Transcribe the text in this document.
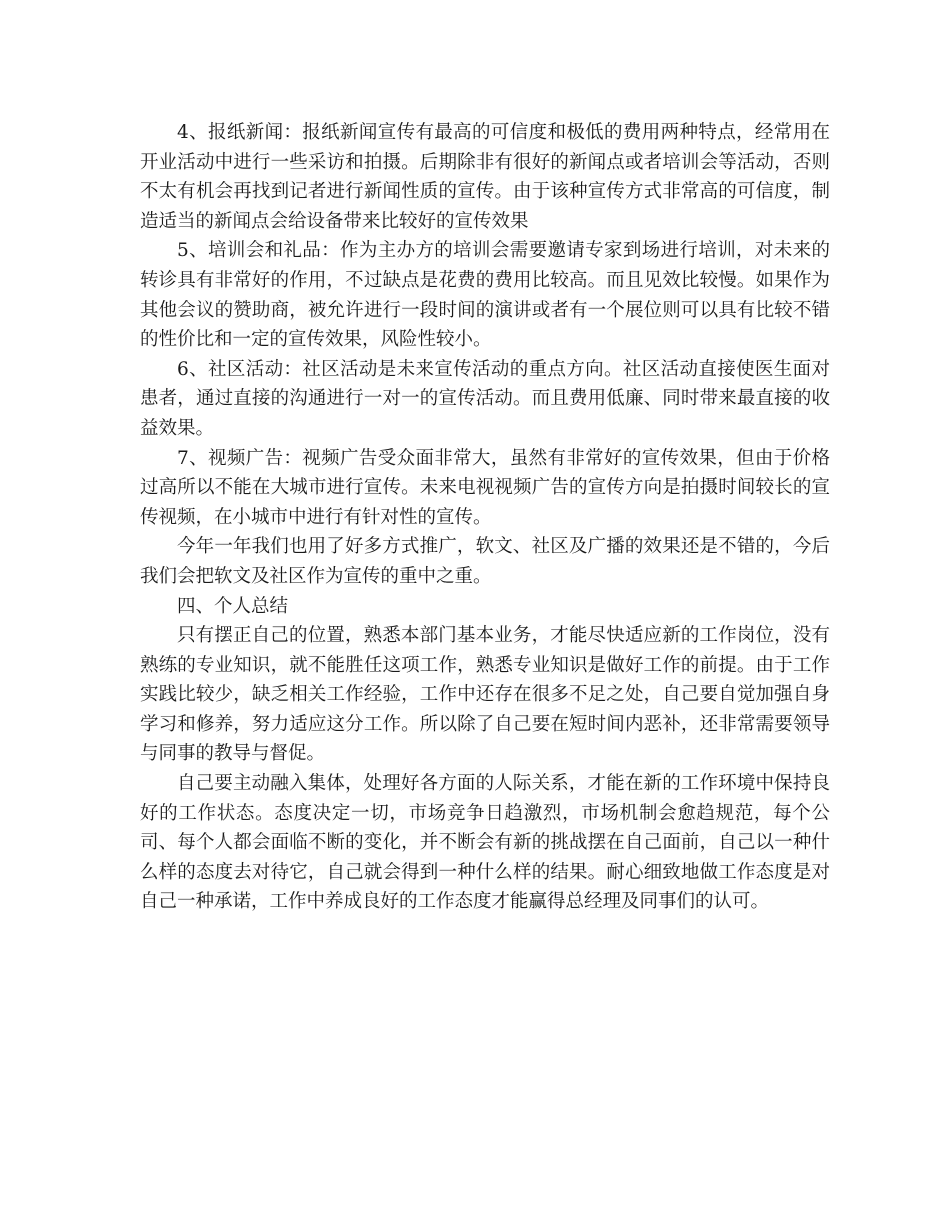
4、报纸新闻：报纸新闻宣传有最高的可信度和极低的费用两种特点，经常用在开业活动中进行一些采访和拍摄。后期除非有很好的新闻点或者培训会等活动，否则不太有机会再找到记者进行新闻性质的宣传。由于该种宣传方式非常高的可信度，制造适当的新闻点会给设备带来比较好的宣传效果

5、培训会和礼品：作为主办方的培训会需要邀请专家到场进行培训，对未来的转诊具有非常好的作用，不过缺点是花费的费用比较高。而且见效比较慢。如果作为其他会议的赞助商，被允许进行一段时间的演讲或者有一个展位则可以具有比较不错的性价比和一定的宣传效果，风险性较小。

6、社区活动：社区活动是未来宣传活动的重点方向。社区活动直接使医生面对患者，通过直接的沟通进行一对一的宣传活动。而且费用低廉、同时带来最直接的收益效果。

7、视频广告：视频广告受众面非常大，虽然有非常好的宣传效果，但由于价格过高所以不能在大城市进行宣传。未来电视视频广告的宣传方向是拍摄时间较长的宣传视频，在小城市中进行有针对性的宣传。

今年一年我们也用了好多方式推广，软文、社区及广播的效果还是不错的，今后我们会把软文及社区作为宣传的重中之重。

四、个人总结

只有摆正自己的位置，熟悉本部门基本业务，才能尽快适应新的工作岗位，没有熟练的专业知识，就不能胜任这项工作，熟悉专业知识是做好工作的前提。由于工作实践比较少，缺乏相关工作经验，工作中还存在很多不足之处，自己要自觉加强自身学习和修养，努力适应这分工作。所以除了自己要在短时间内恶补，还非常需要领导与同事的教导与督促。

自己要主动融入集体，处理好各方面的人际关系，才能在新的工作环境中保持良好的工作状态。态度决定一切，市场竞争日趋激烈，市场机制会愈趋规范，每个公司、每个人都会面临不断的变化，并不断会有新的挑战摆在自己面前，自己以一种什么样的态度去对待它，自己就会得到一种什么样的结果。耐心细致地做工作态度是对自己一种承诺，工作中养成良好的工作态度才能赢得总经理及同事们的认可。
